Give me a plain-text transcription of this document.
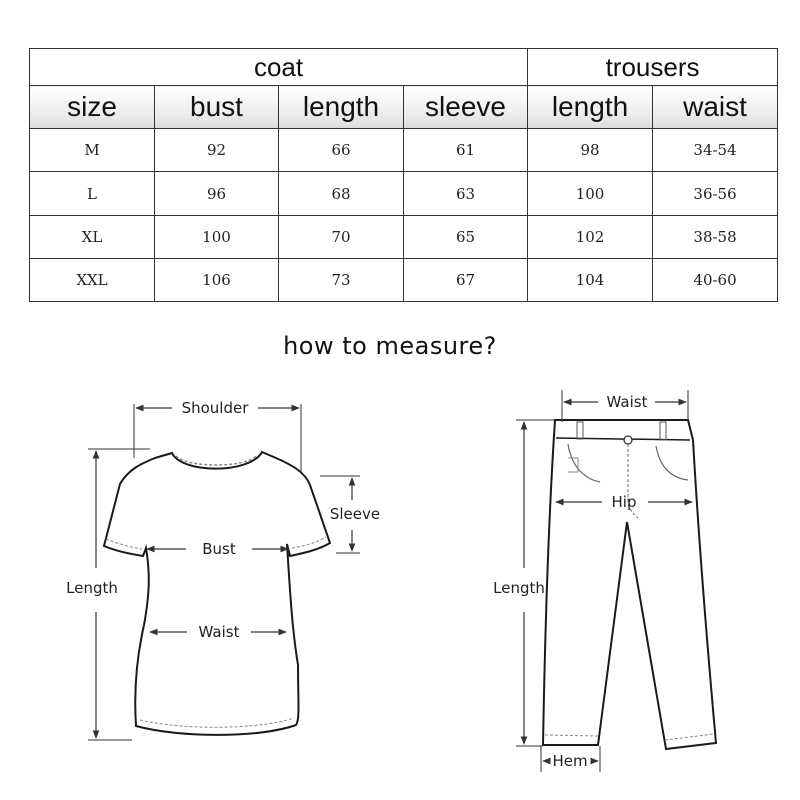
coat				trousers	
size	bust	length	sleeve	length	waist
M	92	66	61	98	34-54
L	96	68	63	100	36-56
XL	100	70	65	102	38-58
XXL	106	73	67	104	40-60
how to measure?
Shoulder
Sleeve
Bust
Waist
Length
Waist
Hip
Length
Hem
